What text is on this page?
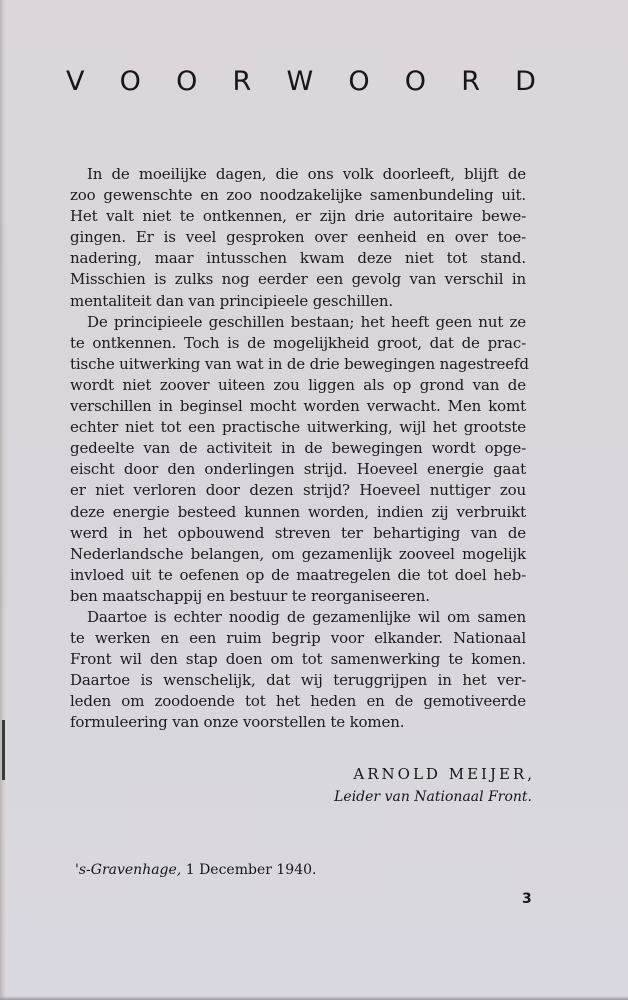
V O O R W O O R D
In de moeilijke dagen, die ons volk doorleeft, blijft de
zoo gewenschte en zoo noodzakelijke samenbundeling uit.
Het valt niet te ontkennen, er zijn drie autoritaire bewe-
gingen. Er is veel gesproken over eenheid en over toe-
nadering, maar intusschen kwam deze niet tot stand.
Misschien is zulks nog eerder een gevolg van verschil in
mentaliteit dan van principieele geschillen.
De principieele geschillen bestaan; het heeft geen nut ze
te ontkennen. Toch is de mogelijkheid groot, dat de prac-
tische uitwerking van wat in de drie bewegingen nagestreefd
wordt niet zoover uiteen zou liggen als op grond van de
verschillen in beginsel mocht worden verwacht. Men komt
echter niet tot een practische uitwerking, wijl het grootste
gedeelte van de activiteit in de bewegingen wordt opge-
eischt door den onderlingen strijd. Hoeveel energie gaat
er niet verloren door dezen strijd? Hoeveel nuttiger zou
deze energie besteed kunnen worden, indien zij verbruikt
werd in het opbouwend streven ter behartiging van de
Nederlandsche belangen, om gezamenlijk zooveel mogelijk
invloed uit te oefenen op de maatregelen die tot doel heb-
ben maatschappij en bestuur te reorganiseeren.
Daartoe is echter noodig de gezamenlijke wil om samen
te werken en een ruim begrip voor elkander. Nationaal
Front wil den stap doen om tot samenwerking te komen.
Daartoe is wenschelijk, dat wij teruggrijpen in het ver-
leden om zoodoende tot het heden en de gemotiveerde
formuleering van onze voorstellen te komen.
ARNOLD MEIJER,
Leider van Nationaal Front.
's-Gravenhage, 1 December 1940.
3
